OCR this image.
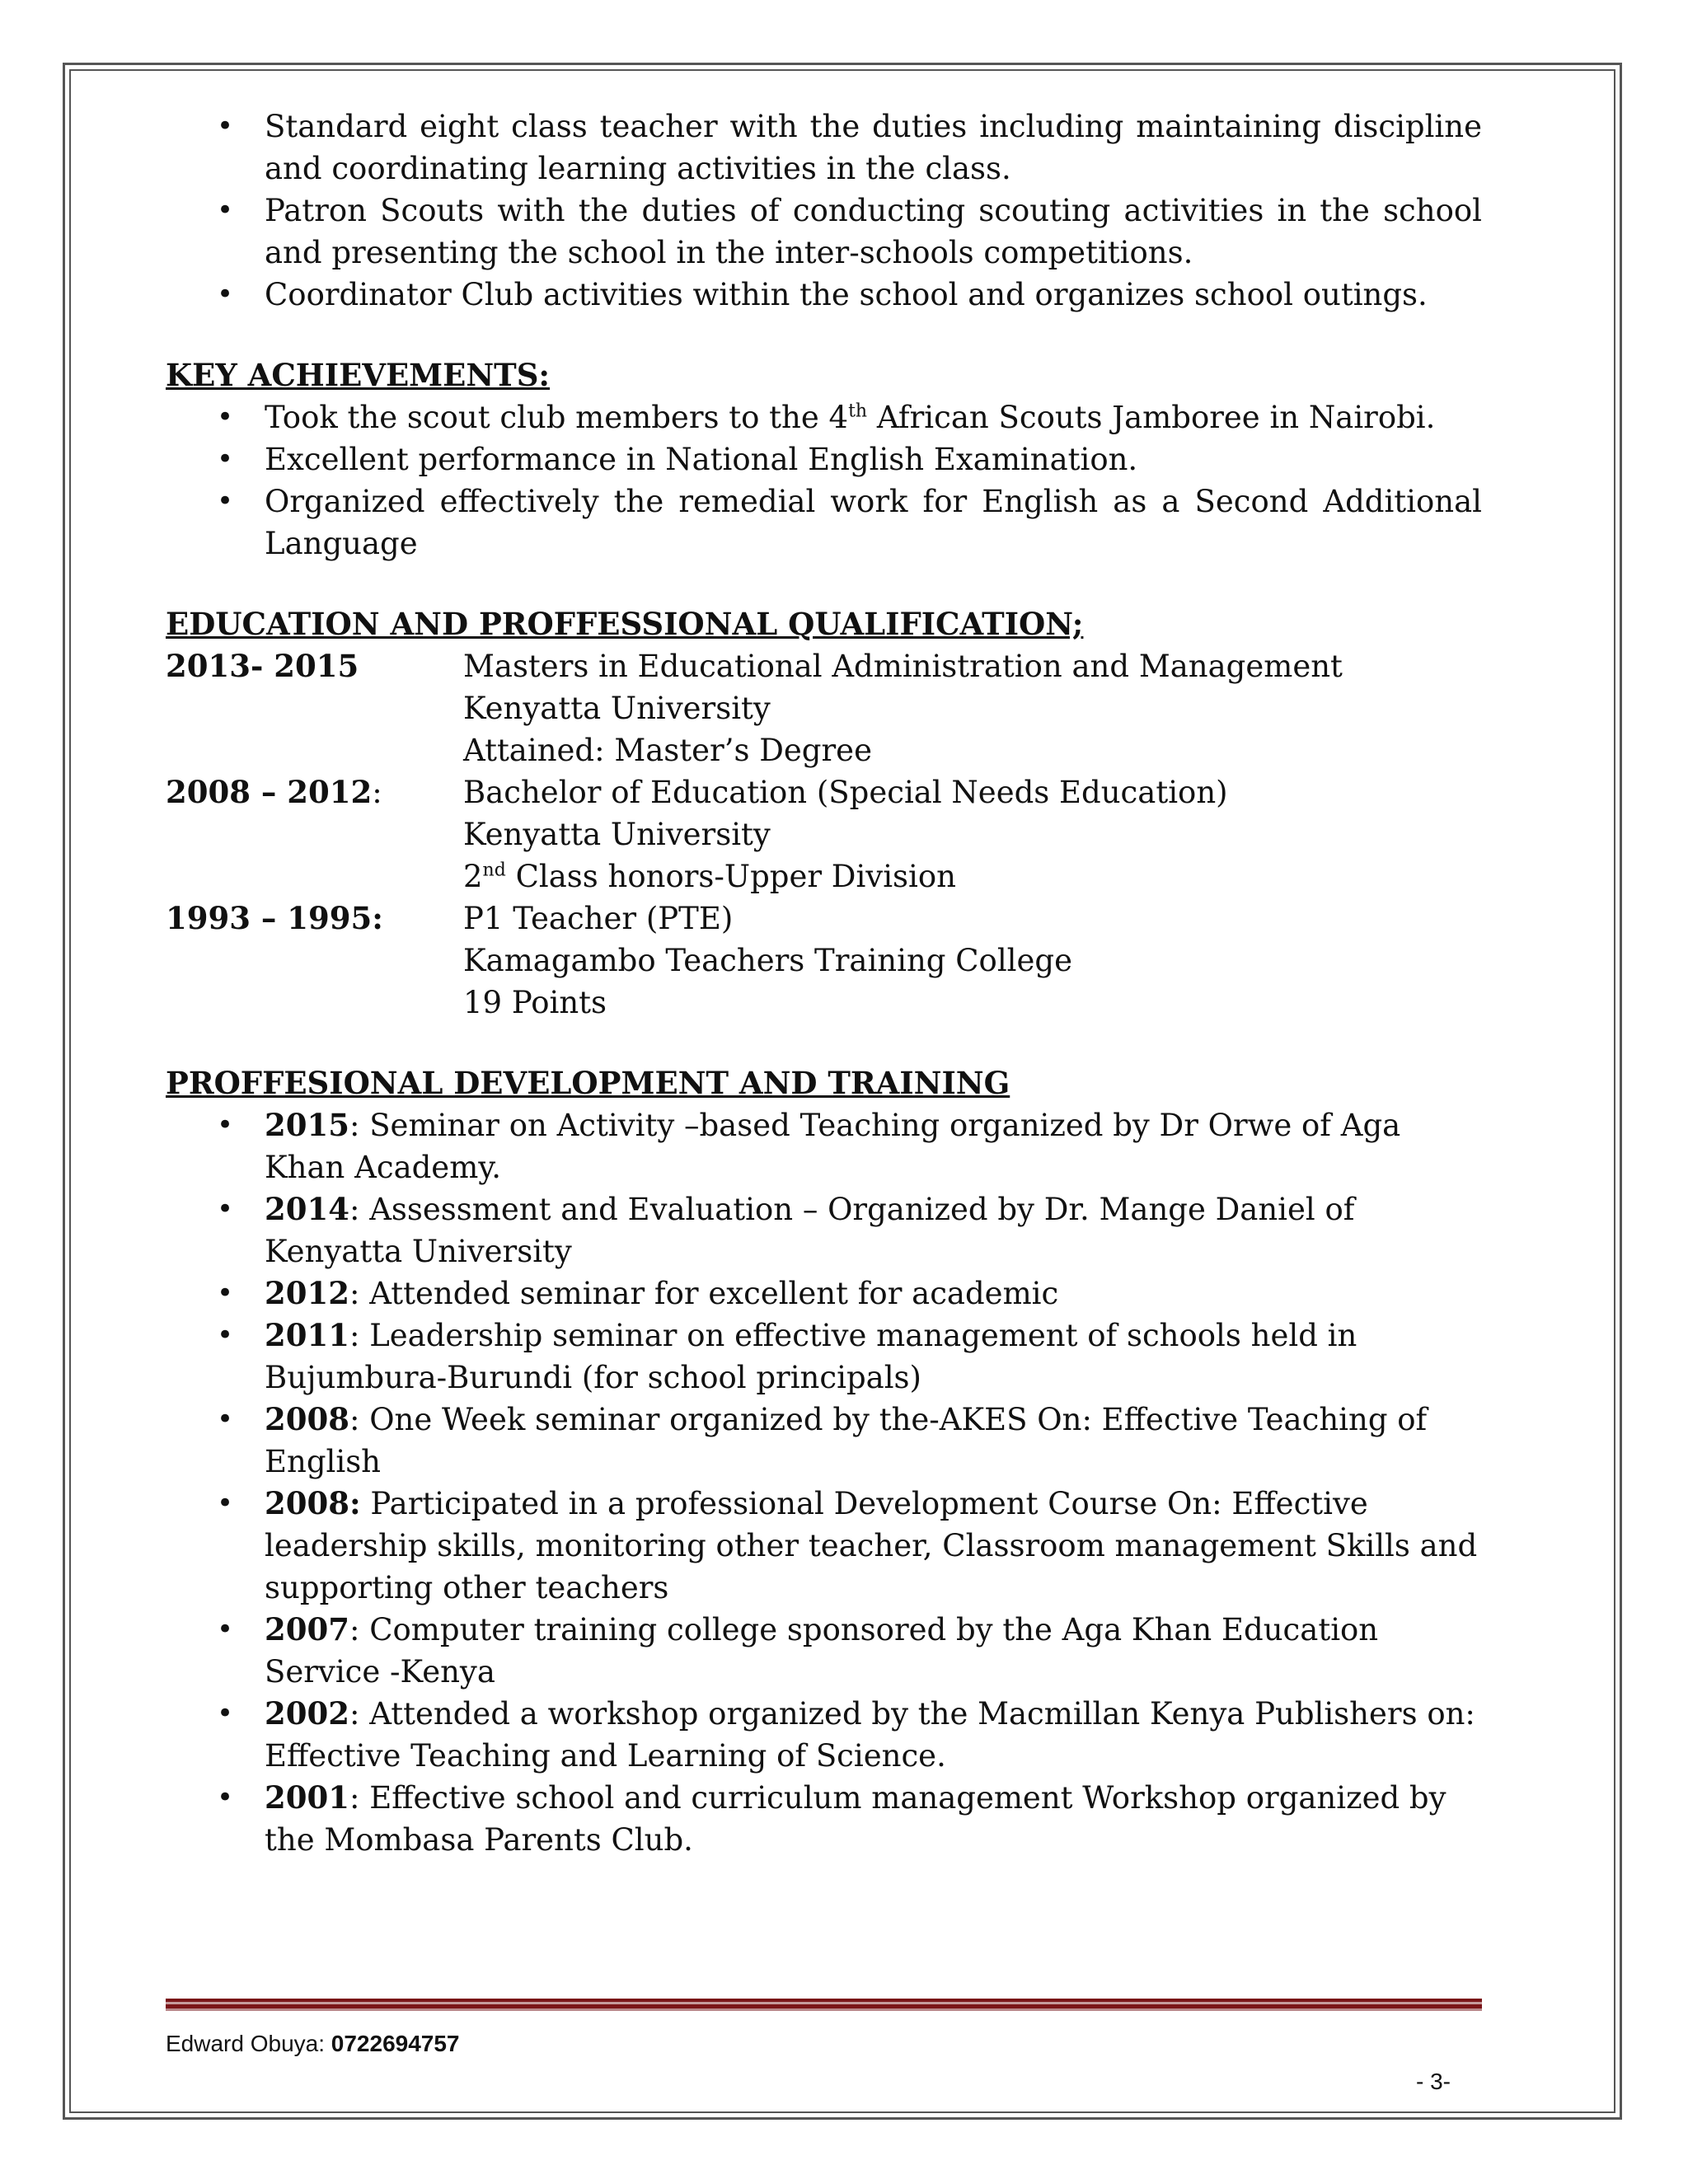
• Standard eight class teacher with the duties including maintaining discipline and coordinating learning activities in the class.
• Patron Scouts with the duties of conducting scouting activities in the school and presenting the school in the inter-schools competitions.
• Coordinator Club activities within the school and organizes school outings.

KEY ACHIEVEMENTS:

• Took the scout club members to the 4th African Scouts Jamboree in Nairobi.
• Excellent performance in National English Examination.
• Organized effectively the remedial work for English as a Second Additional Language

EDUCATION AND PROFFESSIONAL QUALIFICATION;

2013- 2015	Masters in Educational Administration and Management
Kenyatta University
Attained: Master’s Degree
2008 – 2012:	Bachelor of Education (Special Needs Education)
Kenyatta University
2nd Class honors-Upper Division
1993 – 1995:	P1 Teacher (PTE)
Kamagambo Teachers Training College
19 Points

PROFFESIONAL DEVELOPMENT AND TRAINING

• 2015: Seminar on Activity –based Teaching organized by Dr Orwe of Aga Khan Academy.
• 2014: Assessment and Evaluation – Organized by Dr. Mange Daniel of Kenyatta University
• 2012: Attended seminar for excellent for academic
• 2011: Leadership seminar on effective management of schools held in Bujumbura-Burundi (for school principals)
• 2008: One Week seminar organized by the-AKES On: Effective Teaching of English
• 2008: Participated in a professional Development Course On: Effective leadership skills, monitoring other teacher, Classroom management Skills and supporting other teachers
• 2007: Computer training college sponsored by the Aga Khan Education Service -Kenya
• 2002: Attended a workshop organized by the Macmillan Kenya Publishers on: Effective Teaching and Learning of Science.
• 2001: Effective school and curriculum management Workshop organized by the Mombasa Parents Club.
Edward Obuya: 0722694757
- 3-
